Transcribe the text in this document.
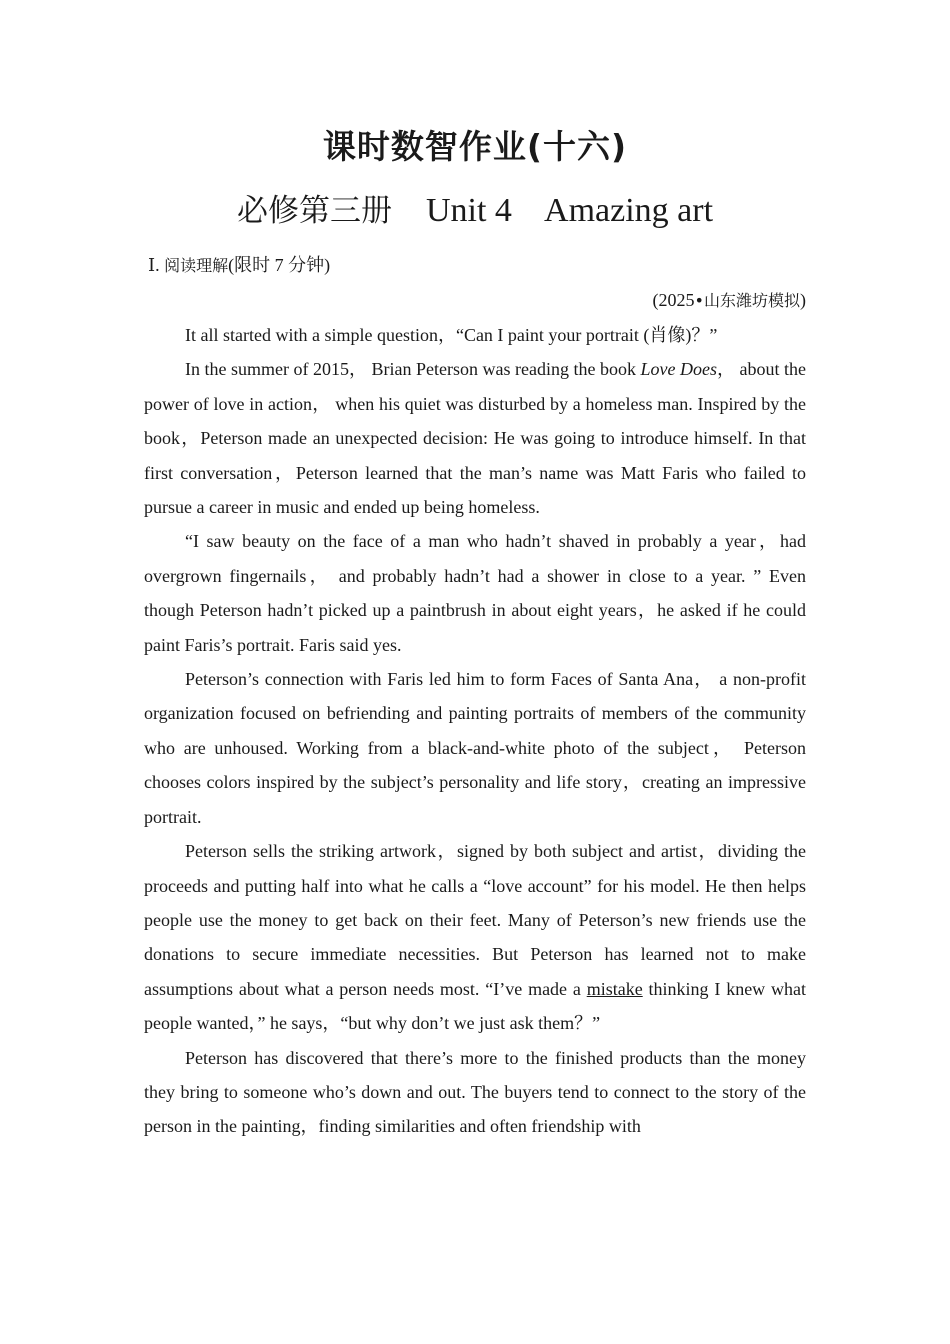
课时数智作业(十六)
必修第三册 Unit 4 Amazing art
Ⅰ. 阅读理解(限时 7 分钟)
(2025•山东潍坊模拟)

It all started with a simple question，“Can I paint your portrait (肖像)？”

In the summer of 2015， Brian Peterson was reading the book Love Does， about the power of love in action， when his quiet was disturbed by a homeless man. Inspired by the book，Peterson made an unexpected decision: He was going to introduce himself. In that first conversation，Peterson learned that the man’s name was Matt Faris who failed to pursue a career in music and ended up being homeless.

“I saw beauty on the face of a man who hadn’t shaved in probably a year，had overgrown fingernails， and probably hadn’t had a shower in close to a year. ” Even though Peterson hadn’t picked up a paintbrush in about eight years，he asked if he could paint Faris’s portrait. Faris said yes.

Peterson’s connection with Faris led him to form Faces of Santa Ana， a non-profit organization focused on befriending and painting portraits of members of the community who are unhoused. Working from a black-and-white photo of the subject， Peterson chooses colors inspired by the subject’s personality and life story，creating an impressive portrait.

Peterson sells the striking artwork，signed by both subject and artist，dividing the proceeds and putting half into what he calls a “love account” for his model. He then helps people use the money to get back on their feet. Many of Peterson’s new friends use the donations to secure immediate necessities. But Peterson has learned not to make assumptions about what a person needs most. “I’ve made a mistake thinking I knew what people wanted，” he says，“but why don’t we just ask them？”

Peterson has discovered that there’s more to the finished products than the money they bring to someone who’s down and out. The buyers tend to connect to the story of the person in the painting，finding similarities and often friendship with
